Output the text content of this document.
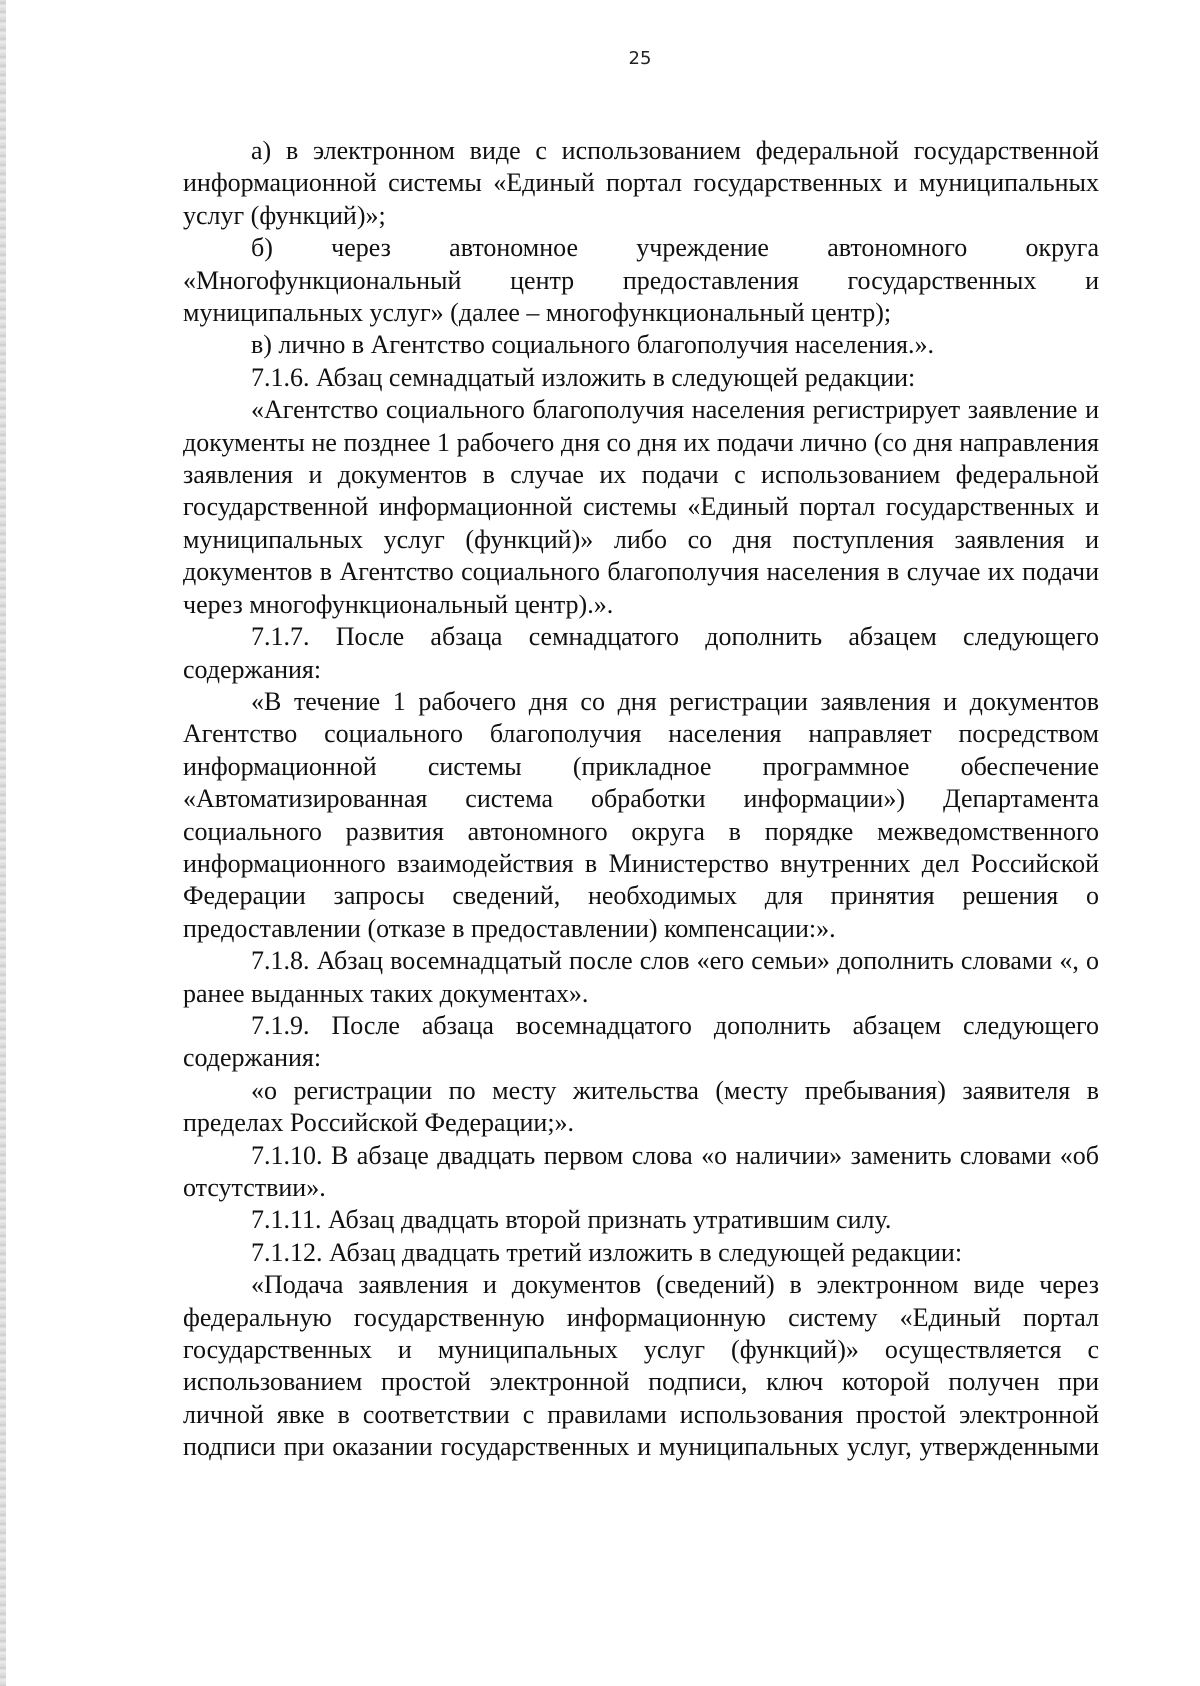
25

а) в электронном виде с использованием федеральной государственной информационной системы «Единый портал государственных и муниципальных услуг (функций)»;

б) через автономное учреждение автономного округа «Многофункциональный центр предоставления государственных и муниципальных услуг» (далее – многофункциональный центр);

в) лично в Агентство социального благополучия населения.».

7.1.6. Абзац семнадцатый изложить в следующей редакции:

«Агентство социального благополучия населения регистрирует заявление и документы не позднее 1 рабочего дня со дня их подачи лично (со дня направления заявления и документов в случае их подачи с использованием федеральной государственной информационной системы «Единый портал государственных и муниципальных услуг (функций)» либо со дня поступления заявления и документов в Агентство социального благополучия населения в случае их подачи через многофункциональный центр).».

7.1.7. После абзаца семнадцатого дополнить абзацем следующего содержания:

«В течение 1 рабочего дня со дня регистрации заявления и документов Агентство социального благополучия населения направляет посредством информационной системы (прикладное программное обеспечение «Автоматизированная система обработки информации») Департамента социального развития автономного округа в порядке межведомственного информационного взаимодействия в Министерство внутренних дел Российской Федерации запросы сведений, необходимых для принятия решения о предоставлении (отказе в предоставлении) компенсации:».

7.1.8. Абзац восемнадцатый после слов «его семьи» дополнить словами «, о ранее выданных таких документах».

7.1.9. После абзаца восемнадцатого дополнить абзацем следующего содержания:

«о регистрации по месту жительства (месту пребывания) заявителя в пределах Российской Федерации;».

7.1.10. В абзаце двадцать первом слова «о наличии» заменить словами «об отсутствии».

7.1.11. Абзац двадцать второй признать утратившим силу.

7.1.12. Абзац двадцать третий изложить в следующей редакции:

«Подача заявления и документов (сведений) в электронном виде через федеральную государственную информационную систему «Единый портал государственных и муниципальных услуг (функций)» осуществляется с использованием простой электронной подписи, ключ которой получен при личной явке в соответствии с правилами использования простой электронной подписи при оказании государственных и муниципальных услуг, утвержденными
